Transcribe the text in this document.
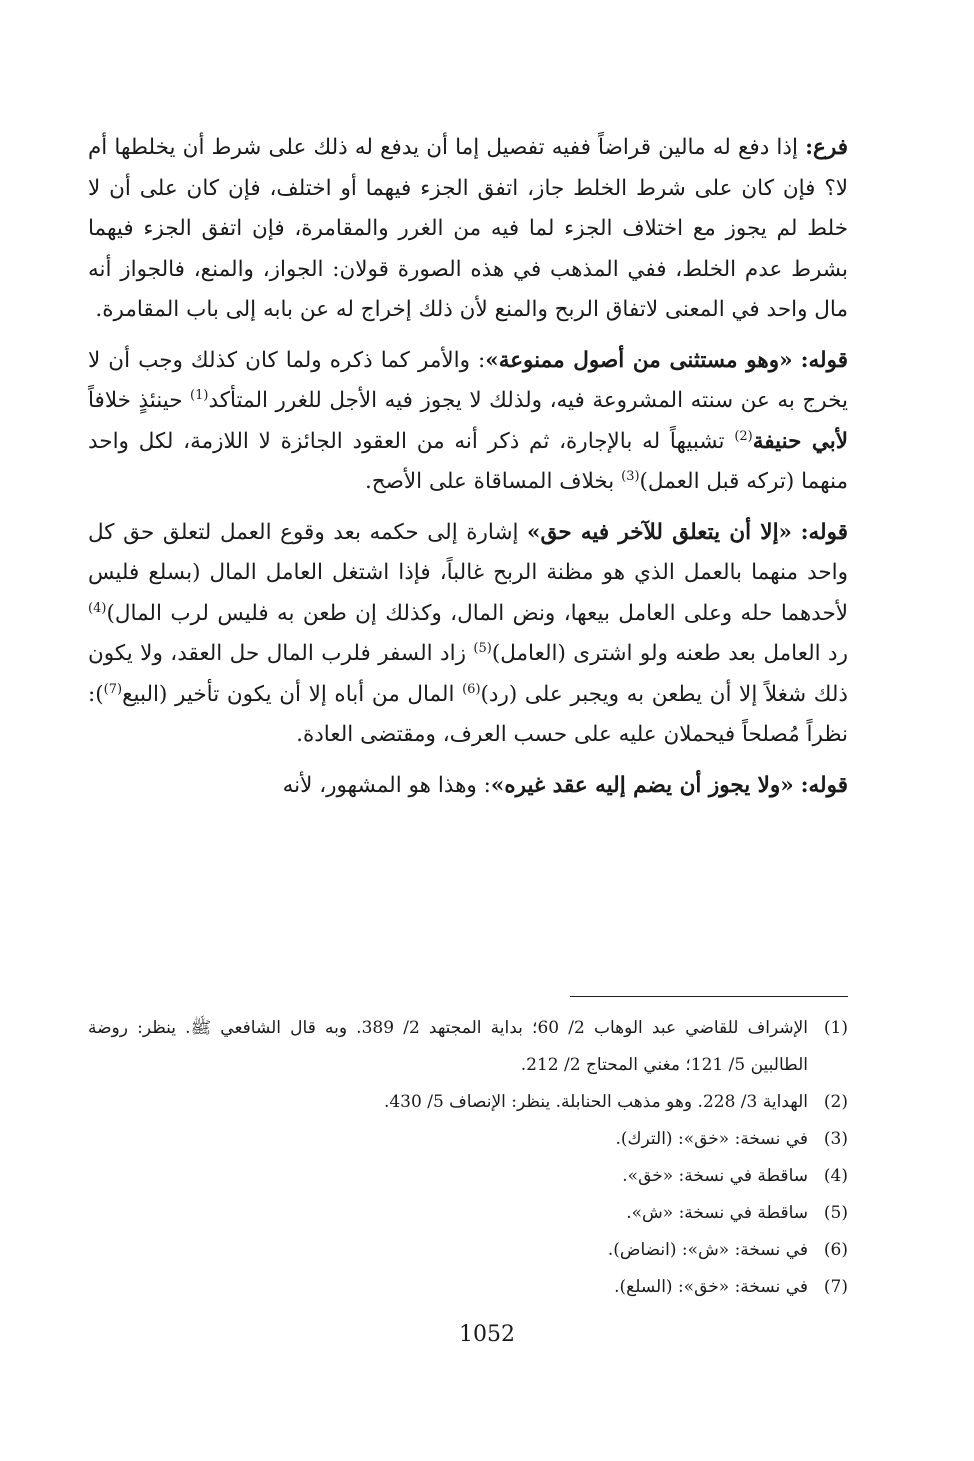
فرع: إذا دفع له مالين قراضاً ففيه تفصيل إما أن يدفع له ذلك على شرط أن يخلطها أم لا؟ فإن كان على شرط الخلط جاز، اتفق الجزء فيهما أو اختلف، فإن كان على أن لا خلط لم يجوز مع اختلاف الجزء لما فيه من الغرر والمقامرة، فإن اتفق الجزء فيهما بشرط عدم الخلط، ففي المذهب في هذه الصورة قولان: الجواز، والمنع، فالجواز أنه مال واحد في المعنى لاتفاق الربح والمنع لأن ذلك إخراج له عن بابه إلى باب المقامرة.

قوله: «وهو مستثنى من أصول ممنوعة»: والأمر كما ذكره ولما كان كذلك وجب أن لا يخرج به عن سنته المشروعة فيه، ولذلك لا يجوز فيه الأجل للغرر المتأكد$^{(1)}$ حينئذٍ خلافاً لأبي حنيفة$^{(2)}$ تشبيهاً له بالإجارة، ثم ذكر أنه من العقود الجائزة لا اللازمة، لكل واحد منهما (تركه قبل العمل)$^{(3)}$ بخلاف المساقاة على الأصح.

قوله: «إلا أن يتعلق للآخر فيه حق» إشارة إلى حكمه بعد وقوع العمل لتعلق حق كل واحد منهما بالعمل الذي هو مظنة الربح غالباً، فإذا اشتغل العامل المال (بسلع فليس لأحدهما حله وعلى العامل بيعها، ونض المال، وكذلك إن طعن به فليس لرب المال)$^{(4)}$ رد العامل بعد طعنه ولو اشترى (العامل)$^{(5)}$ زاد السفر فلرب المال حل العقد، ولا يكون ذلك شغلاً إلا أن يطعن به ويجبر على (رد)$^{(6)}$ المال من أباه إلا أن يكون تأخير (البيع$^{(7)}$): نظراً مُصلحاً فيحملان عليه على حسب العرف، ومقتضى العادة.

قوله: «ولا يجوز أن يضم إليه عقد غيره»: وهذا هو المشهور، لأنه

(1)
الإشراف للقاضي عبد الوهاب 2/ 60؛ بداية المجتهد 2/ 389. وبه قال الشافعي ﷺ. ينظر: روضة الطالبين 5/ 121؛ مغني المحتاج 2/ 212.
(2)
الهداية 3/ 228. وهو مذهب الحنابلة. ينظر: الإنصاف 5/ 430.
(3)
في نسخة: «خق»: (الترك).
(4)
ساقطة في نسخة: «خق».
(5)
ساقطة في نسخة: «ش».
(6)
في نسخة: «ش»: (انضاض).
(7)
في نسخة: «خق»: (السلع).
1052
